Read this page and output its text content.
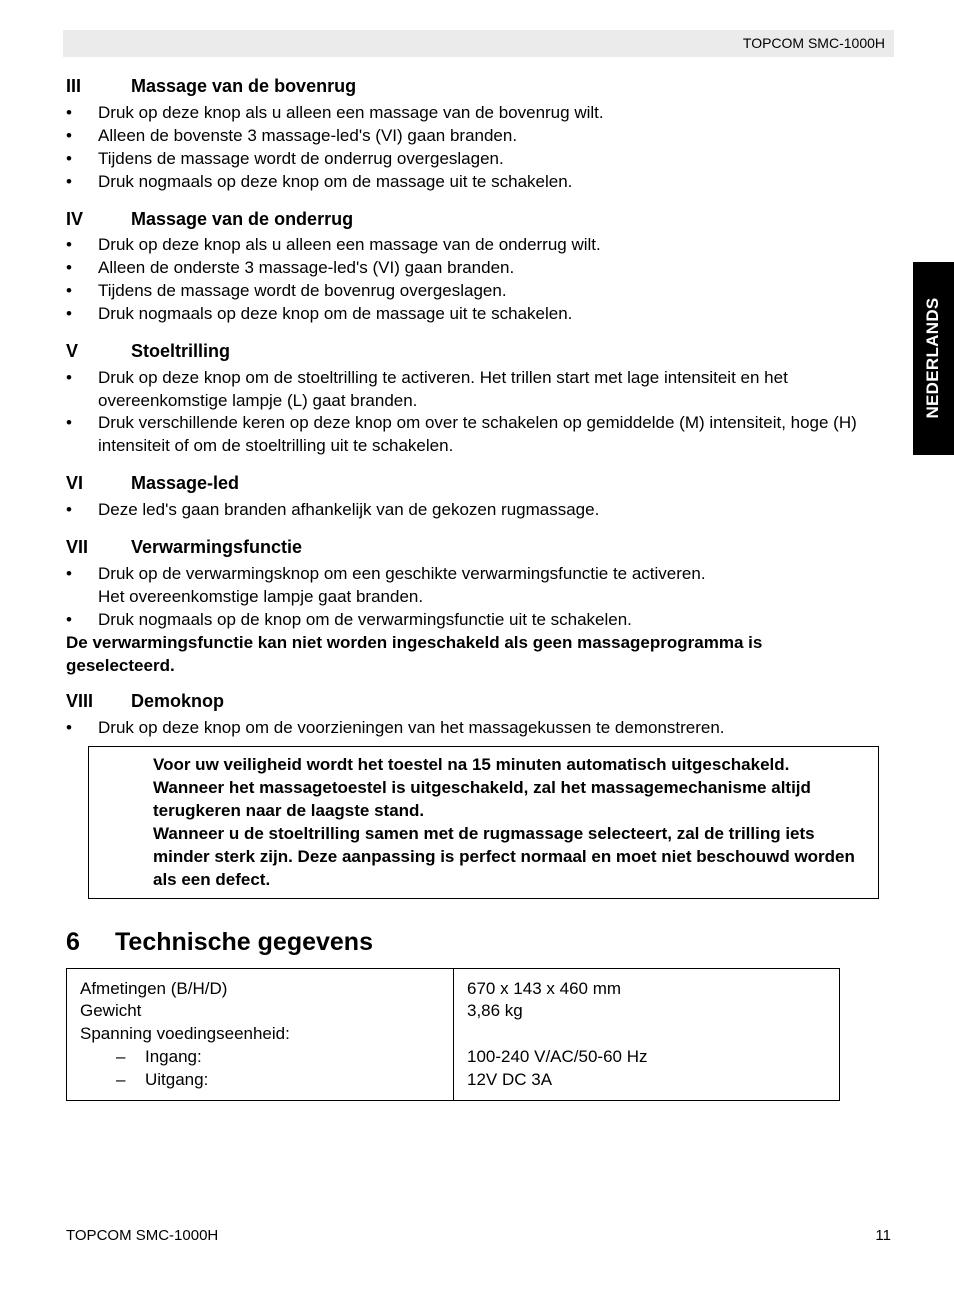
TOPCOM SMC-1000H
NEDERLANDS
III	Massage van de bovenrug
• Druk op deze knop als u alleen een massage van de bovenrug wilt.
• Alleen de bovenste 3 massage-led's (VI) gaan branden.
• Tijdens de massage wordt de onderrug overgeslagen.
• Druk nogmaals op deze knop om de massage uit te schakelen.
IV	Massage van de onderrug
• Druk op deze knop als u alleen een massage van de onderrug wilt.
• Alleen de onderste 3 massage-led's (VI) gaan branden.
• Tijdens de massage wordt de bovenrug overgeslagen.
• Druk nogmaals op deze knop om de massage uit te schakelen.
V	Stoeltrilling
• Druk op deze knop om de stoeltrilling te activeren. Het trillen start met lage intensiteit en het overeenkomstige lampje (L) gaat branden.
• Druk verschillende keren op deze knop om over te schakelen op gemiddelde (M) intensiteit, hoge (H) intensiteit of om de stoeltrilling uit te schakelen.
VI	Massage-led
• Deze led's gaan branden afhankelijk van de gekozen rugmassage.
VII Verwarmingsfunctie
• Druk op de verwarmingsknop om een geschikte verwarmingsfunctie te activeren.
Het overeenkomstige lampje gaat branden.
• Druk nogmaals op de knop om de verwarmingsfunctie uit te schakelen.
De verwarmingsfunctie kan niet worden ingeschakeld als geen massageprogramma is geselecteerd.
VIII Demoknop
• Druk op deze knop om de voorzieningen van het massagekussen te demonstreren.
Voor uw veiligheid wordt het toestel na 15 minuten automatisch uitgeschakeld.
Wanneer het massagetoestel is uitgeschakeld, zal het massagemechanisme altijd terugkeren naar de laagste stand.
Wanneer u de stoeltrilling samen met de rugmassage selecteert, zal de trilling iets minder sterk zijn. Deze aanpassing is perfect normaal en moet niet beschouwd worden als een defect.
6 Technische gegevens
Afmetingen (B/H/D)	670 x 143 x 460 mm
Gewicht	3,86 kg
Spanning voedingseenheid:
– Ingang:	100-240 V/AC/50-60 Hz
– Uitgang:	12V DC 3A
TOPCOM SMC-1000H	11
